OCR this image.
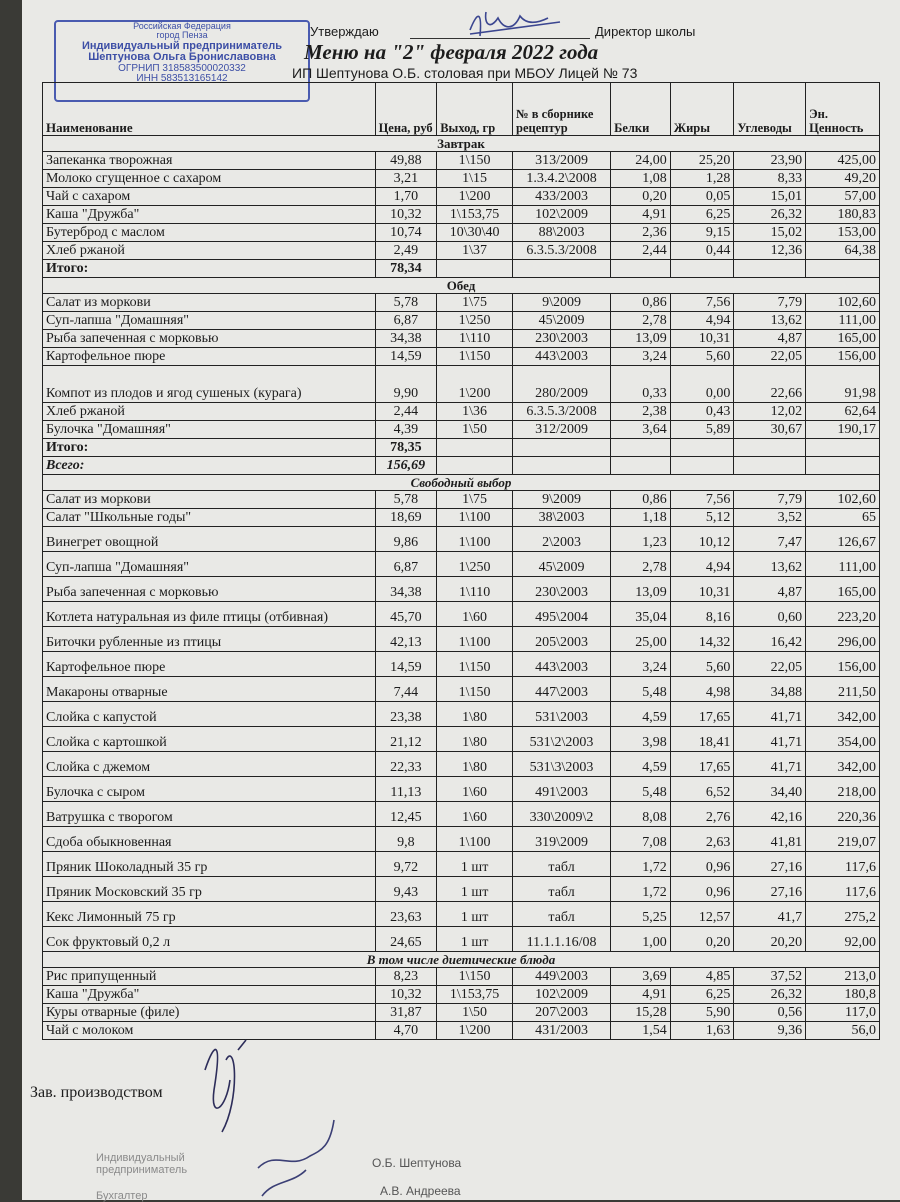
Российская Федерация
город Пенза
Индивидуальный предприниматель
Шептунова Ольга Брониславовна
ОГРНИП 318583500020332
ИНН 583513165142
Утверждаю	Директор школы
Меню на "2" февраля 2022 года
ИП Шептунова О.Б. столовая при МБОУ Лицей № 73
Наименование	Цена, руб	Выход, гр	№ в сборнике рецептур	Белки	Жиры	Углеводы	Эн. Ценность
Завтрак							
Запеканка творожная	49,88	1\150	313/2009	24,00	25,20	23,90	425,00
Молоко сгущенное с сахаром	3,21	1\15	1.3.4.2\2008	1,08	1,28	8,33	49,20
Чай с сахаром	1,70	1\200	433/2003	0,20	0,05	15,01	57,00
Каша "Дружба"	10,32	1\153,75	102\2009	4,91	6,25	26,32	180,83
Бутерброд с маслом	10,74	10\30\40	88\2003	2,36	9,15	15,02	153,00
Хлеб ржаной	2,49	1\37	6.3.5.3/2008	2,44	0,44	12,36	64,38
Итого:	78,34						
Обед							
Салат из моркови	5,78	1\75	9\2009	0,86	7,56	7,79	102,60
Суп-лапша "Домашняя"	6,87	1\250	45\2009	2,78	4,94	13,62	111,00
Рыба запеченная с морковью	34,38	1\110	230\2003	13,09	10,31	4,87	165,00
Картофельное пюре	14,59	1\150	443\2003	3,24	5,60	22,05	156,00
Компот из плодов и ягод сушеных (курага)	9,90	1\200	280/2009	0,33	0,00	22,66	91,98
Хлеб ржаной	2,44	1\36	6.3.5.3/2008	2,38	0,43	12,02	62,64
Булочка "Домашняя"	4,39	1\50	312/2009	3,64	5,89	30,67	190,17
Итого:	78,35						
Всего:	156,69						
Свободный выбор							
Салат из моркови	5,78	1\75	9\2009	0,86	7,56	7,79	102,60
Салат "Школьные годы"	18,69	1\100	38\2003	1,18	5,12	3,52	65
Винегрет овощной	9,86	1\100	2\2003	1,23	10,12	7,47	126,67
Суп-лапша "Домашняя"	6,87	1\250	45\2009	2,78	4,94	13,62	111,00
Рыба запеченная с морковью	34,38	1\110	230\2003	13,09	10,31	4,87	165,00
Котлета натуральная из филе птицы (отбивная)	45,70	1\60	495\2004	35,04	8,16	0,60	223,20
Биточки рубленные из птицы	42,13	1\100	205\2003	25,00	14,32	16,42	296,00
Картофельное пюре	14,59	1\150	443\2003	3,24	5,60	22,05	156,00
Макароны отварные	7,44	1\150	447\2003	5,48	4,98	34,88	211,50
Слойка с капустой	23,38	1\80	531\2003	4,59	17,65	41,71	342,00
Слойка с картошкой	21,12	1\80	531\2\2003	3,98	18,41	41,71	354,00
Слойка с джемом	22,33	1\80	531\3\2003	4,59	17,65	41,71	342,00
Булочка с сыром	11,13	1\60	491\2003	5,48	6,52	34,40	218,00
Ватрушка с творогом	12,45	1\60	330\2009\2	8,08	2,76	42,16	220,36
Сдоба обыкновенная	9,8	1\100	319\2009	7,08	2,63	41,81	219,07
Пряник Шоколадный 35 гр	9,72	1 шт	табл	1,72	0,96	27,16	117,6
Пряник Московский 35 гр	9,43	1 шт	табл	1,72	0,96	27,16	117,6
Кекс Лимонный 75 гр	23,63	1 шт	табл	5,25	12,57	41,7	275,2
Сок фруктовый 0,2 л	24,65	1 шт	11.1.1.16/08	1,00	0,20	20,20	92,00
В том числе диетические блюда							
Рис припущенный	8,23	1\150	449\2003	3,69	4,85	37,52	213,0
Каша "Дружба"	10,32	1\153,75	102\2009	4,91	6,25	26,32	180,8
Куры отварные (филе)	31,87	1\50	207\2003	15,28	5,90	0,56	117,0
Чай с молоком	4,70	1\200	431/2003	1,54	1,63	9,36	56,0
Зав. производством
Индивидуальный
предприниматель	О.Б. Шептунова
Бухгалтер	А.В. Андреева
